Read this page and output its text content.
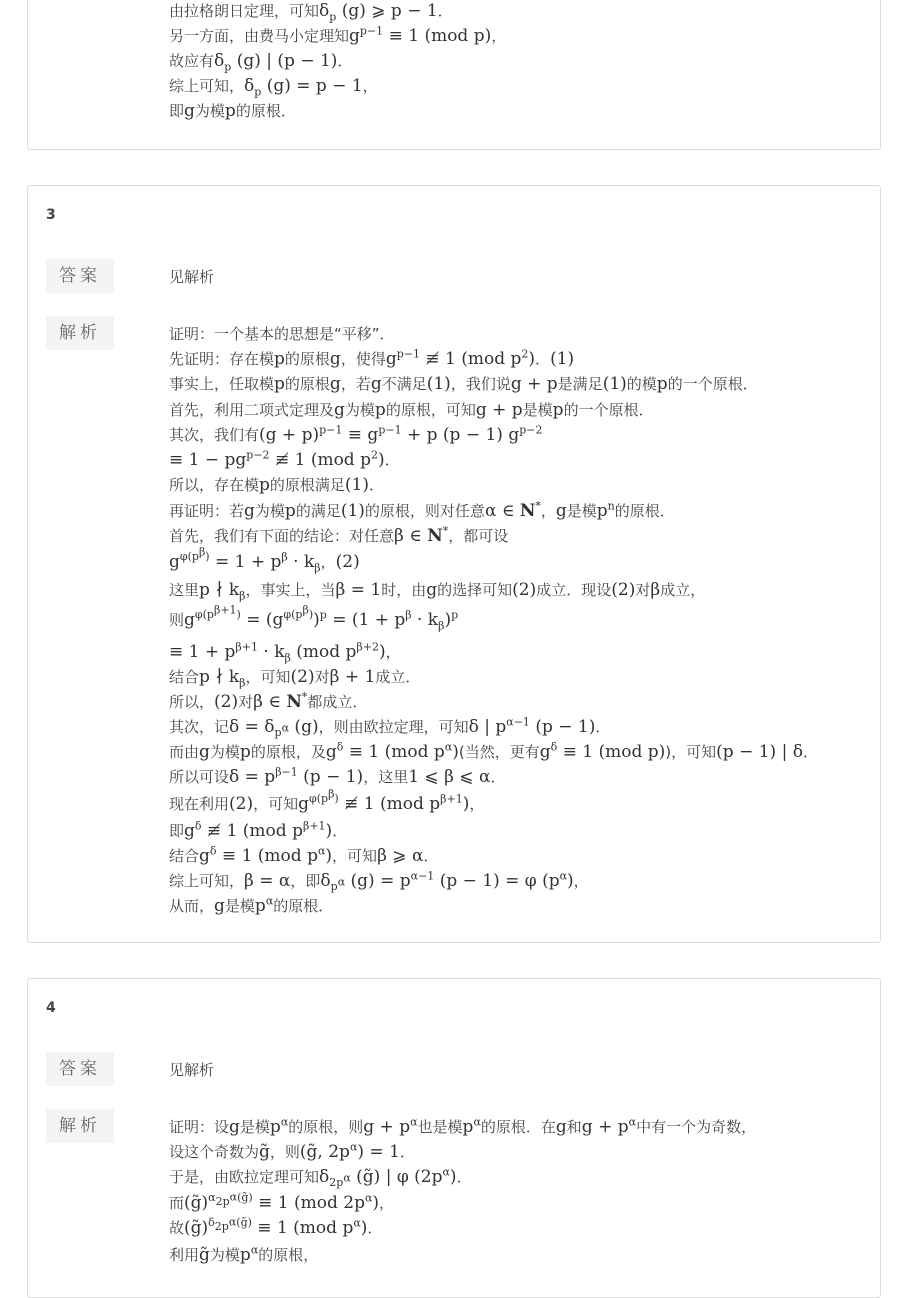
由拉格朗日定理，可知$\delta_p$ (g) ⩾ p − 1．
另一方面，由费马小定理知$g^{p-1} \equiv 1$ (mod p)，
故应有$\delta_p$ (g) | (p − 1)．
综上可知，$\delta_p$ (g) = p − 1，
即g为模p的原根．
3
答案	见解析
解析	证明：一个基本的思想是“平移”．
先证明：存在模p的原根g，使得$g^{p-1}$ ≢ 1 (mod $p^2$)．(1)
事实上，任取模p的原根g，若g不满足(1)，我们说g + p是满足(1)的模p的一个原根．
首先，利用二项式定理及g为模p的原根，可知g + p是模p的一个原根．
其次，我们有$(g + p)^{p-1} \equiv g^{p-1} + p$ (p − 1) $g^{p-2}$
≡ $1 - pg^{p-2}$ ≢ 1 (mod $p^2$)．
所以，存在模p的原根满足(1)．
再证明：若g为模p的满足(1)的原根，则对任意α ∈ N*，g是模$p^n$的原根．
首先，我们有下面的结论：对任意β ∈ N*，都可设
$g^{\varphi(p^\beta)} = 1 + p^\beta \cdot k_\beta$，(2)
这里p ∤ $k_\beta$，事实上，当β = 1时，由g的选择可知(2)成立．现设(2)对β成立，
则$g^{\varphi(p^{\beta+1})} = (g^{\varphi(p^\beta)})^p = (1 + p^\beta \cdot k_\beta)^p$
≡ $1 + p^{\beta+1} \cdot k_\beta$ (mod $p^{\beta+2}$)，
结合p ∤ $k_\beta$，可知(2)对β + 1成立．
所以，(2)对β ∈ N*都成立．
其次，记$\delta = \delta_{p^\alpha}$ (g)，则由欧拉定理，可知δ | $p^{\alpha-1}$ (p − 1)．
而由g为模p的原根，及$g^\delta \equiv 1$ (mod $p^\alpha$)(当然，更有$g^\delta \equiv 1$ (mod p))，可知(p − 1) | δ．
所以可设$\delta = p^{\beta-1}$ (p − 1)，这里1 ⩽ β ⩽ α．
现在利用(2)，可知$g^{\varphi(p^\beta)}$ ≢ 1 (mod $p^{\beta+1}$)，
即$g^\delta$ ≢ 1 (mod $p^{\beta+1}$)．
结合$g^\delta \equiv 1$ (mod $p^\alpha$)，可知β ⩾ α．
综上可知，β = α，即$\delta_{p^\alpha}$ $(g) = p^{\alpha-1}$ (p − 1) = φ $(p^\alpha)$，
从而，g是模$p^\alpha$的原根．
4
答案	见解析
解析	证明：设g是模$p^\alpha$的原根，则$g + p^\alpha$也是模$p^\alpha$的原根．在g和$g + p^\alpha$中有一个为奇数，
设这个奇数为g̃，则(g̃, $2p^\alpha) = 1$．
于是，由欧拉定理可知$\delta_{2p^\alpha}$ (g̃) | φ $(2p^\alpha)$．
而(g̃)$^{\alpha_{2p^\alpha}(g̃)}$ ≡ 1 (mod $2p^\alpha$)，
故(g̃)$^{\delta_{2p^\alpha}(g̃)}$ ≡ 1 (mod $p^\alpha$)．
利用g̃为模$p^\alpha$的原根，
